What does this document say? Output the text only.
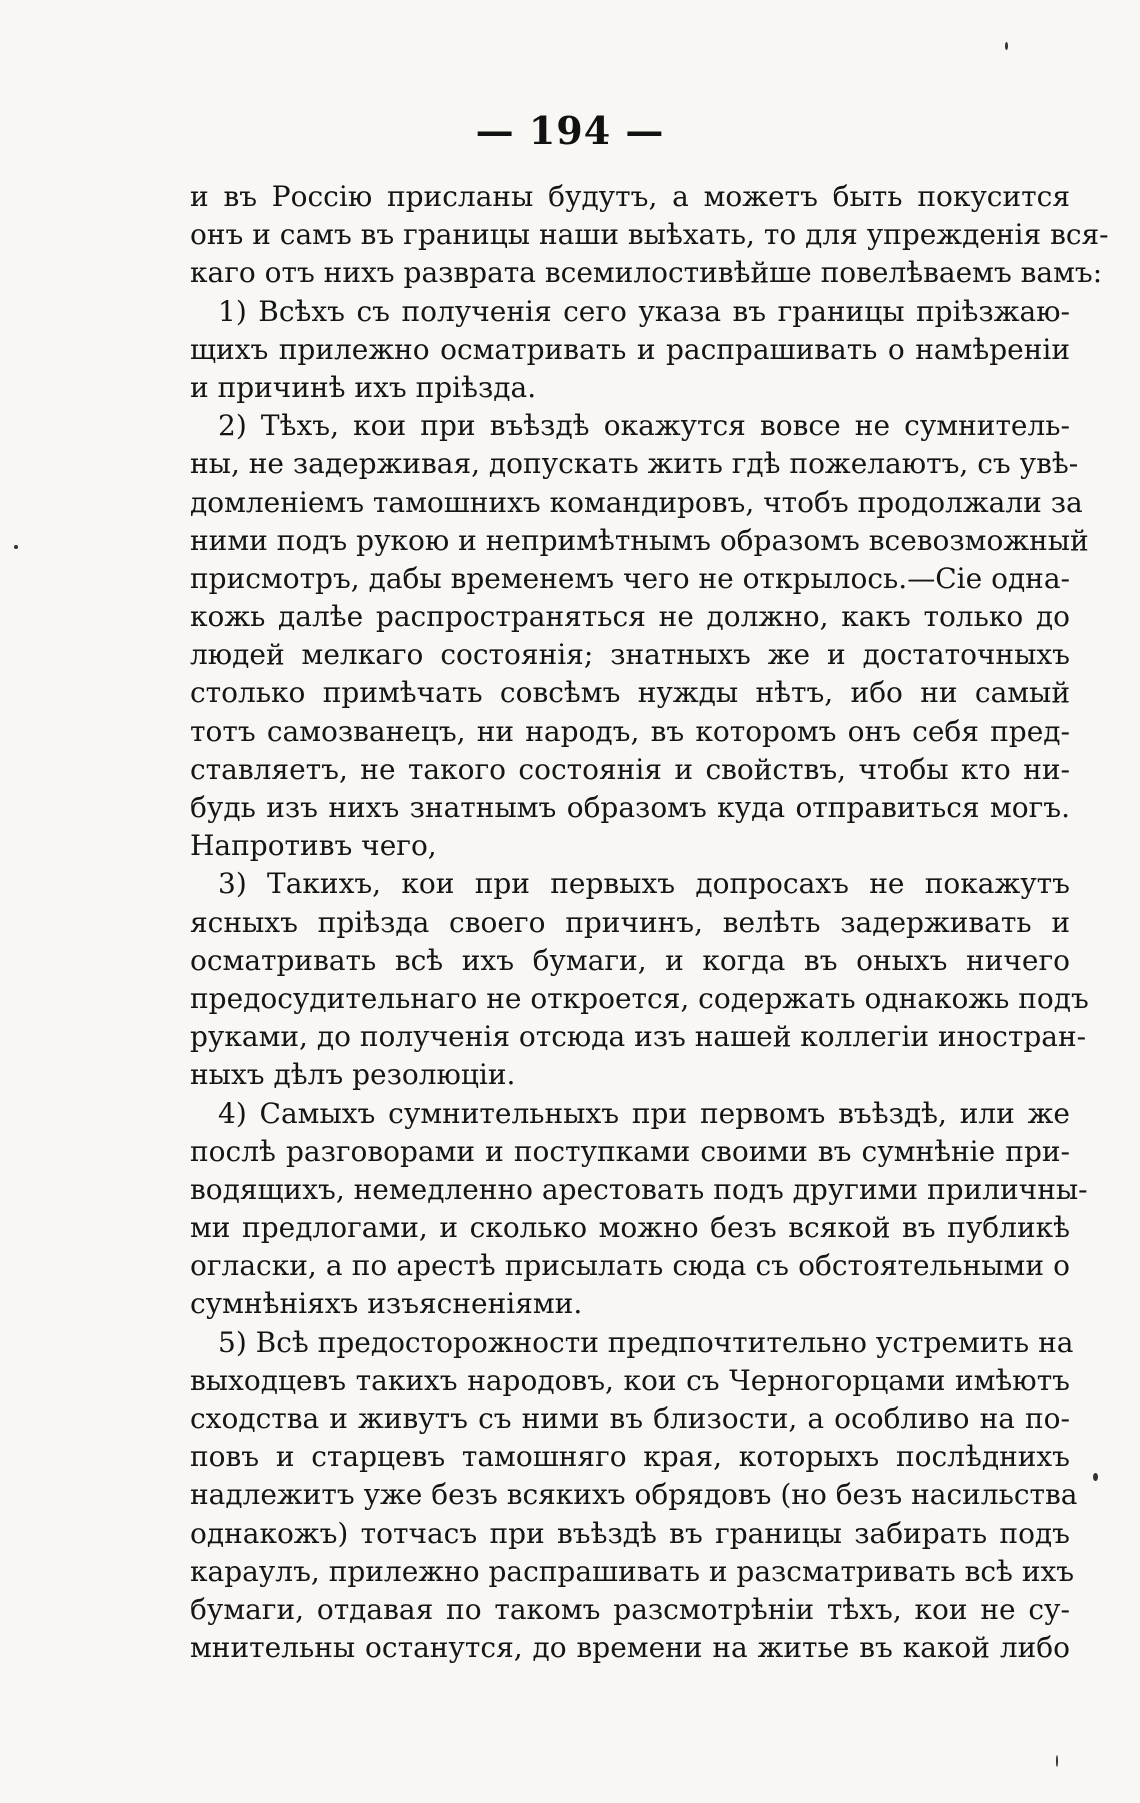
— 194 —
и въ Россію присланы будутъ, а можетъ быть покусится
онъ и самъ въ границы наши выѣхать, то для упрежденія вся-
каго отъ нихъ разврата всемилостивѣйше повелѣваемъ вамъ:
1) Всѣхъ съ полученія сего указа въ границы пріѣзжаю-
щихъ прилежно осматривать и распрашивать о намѣреніи
и причинѣ ихъ пріѣзда.
2) Тѣхъ, кои при въѣздѣ окажутся вовсе не сумнитель-
ны, не задерживая, допускать жить гдѣ пожелаютъ, съ увѣ-
домленіемъ тамошнихъ командировъ, чтобъ продолжали за
ними подъ рукою и непримѣтнымъ образомъ всевозможный
присмотръ, дабы временемъ чего не открылось.—Сіе одна-
кожь далѣе распространяться не должно, какъ только до
людей мелкаго состоянія; знатныхъ же и достаточныхъ
столько примѣчать совсѣмъ нужды нѣтъ, ибо ни самый
тотъ самозванецъ, ни народъ, въ которомъ онъ себя пред-
ставляетъ, не такого состоянія и свойствъ, чтобы кто ни-
будь изъ нихъ знатнымъ образомъ куда отправиться могъ.
Напротивъ чего,
3) Такихъ, кои при первыхъ допросахъ не покажутъ
ясныхъ пріѣзда своего причинъ, велѣть задерживать и
осматривать всѣ ихъ бумаги, и когда въ оныхъ ничего
предосудительнаго не откроется, содержать однакожь подъ
руками, до полученія отсюда изъ нашей коллегіи иностран-
ныхъ дѣлъ резолюціи.
4) Самыхъ сумнительныхъ при первомъ въѣздѣ, или же
послѣ разговорами и поступками своими въ сумнѣніе при-
водящихъ, немедленно арестовать подъ другими приличны-
ми предлогами, и сколько можно безъ всякой въ публикѣ
огласки, а по арестѣ присылать сюда съ обстоятельными о
сумнѣніяхъ изъясненіями.
5) Всѣ предосторожности предпочтительно устремить на
выходцевъ такихъ народовъ, кои съ Черногорцами имѣютъ
сходства и живутъ съ ними въ близости, а особливо на по-
повъ и старцевъ тамошняго края, которыхъ послѣднихъ
надлежитъ уже безъ всякихъ обрядовъ (но безъ насильства
однакожъ) тотчасъ при въѣздѣ въ границы забирать подъ
караулъ, прилежно распрашивать и разсматривать всѣ ихъ
бумаги, отдавая по такомъ разсмотрѣніи тѣхъ, кои не су-
мнительны останутся, до времени на житье въ какой либо
